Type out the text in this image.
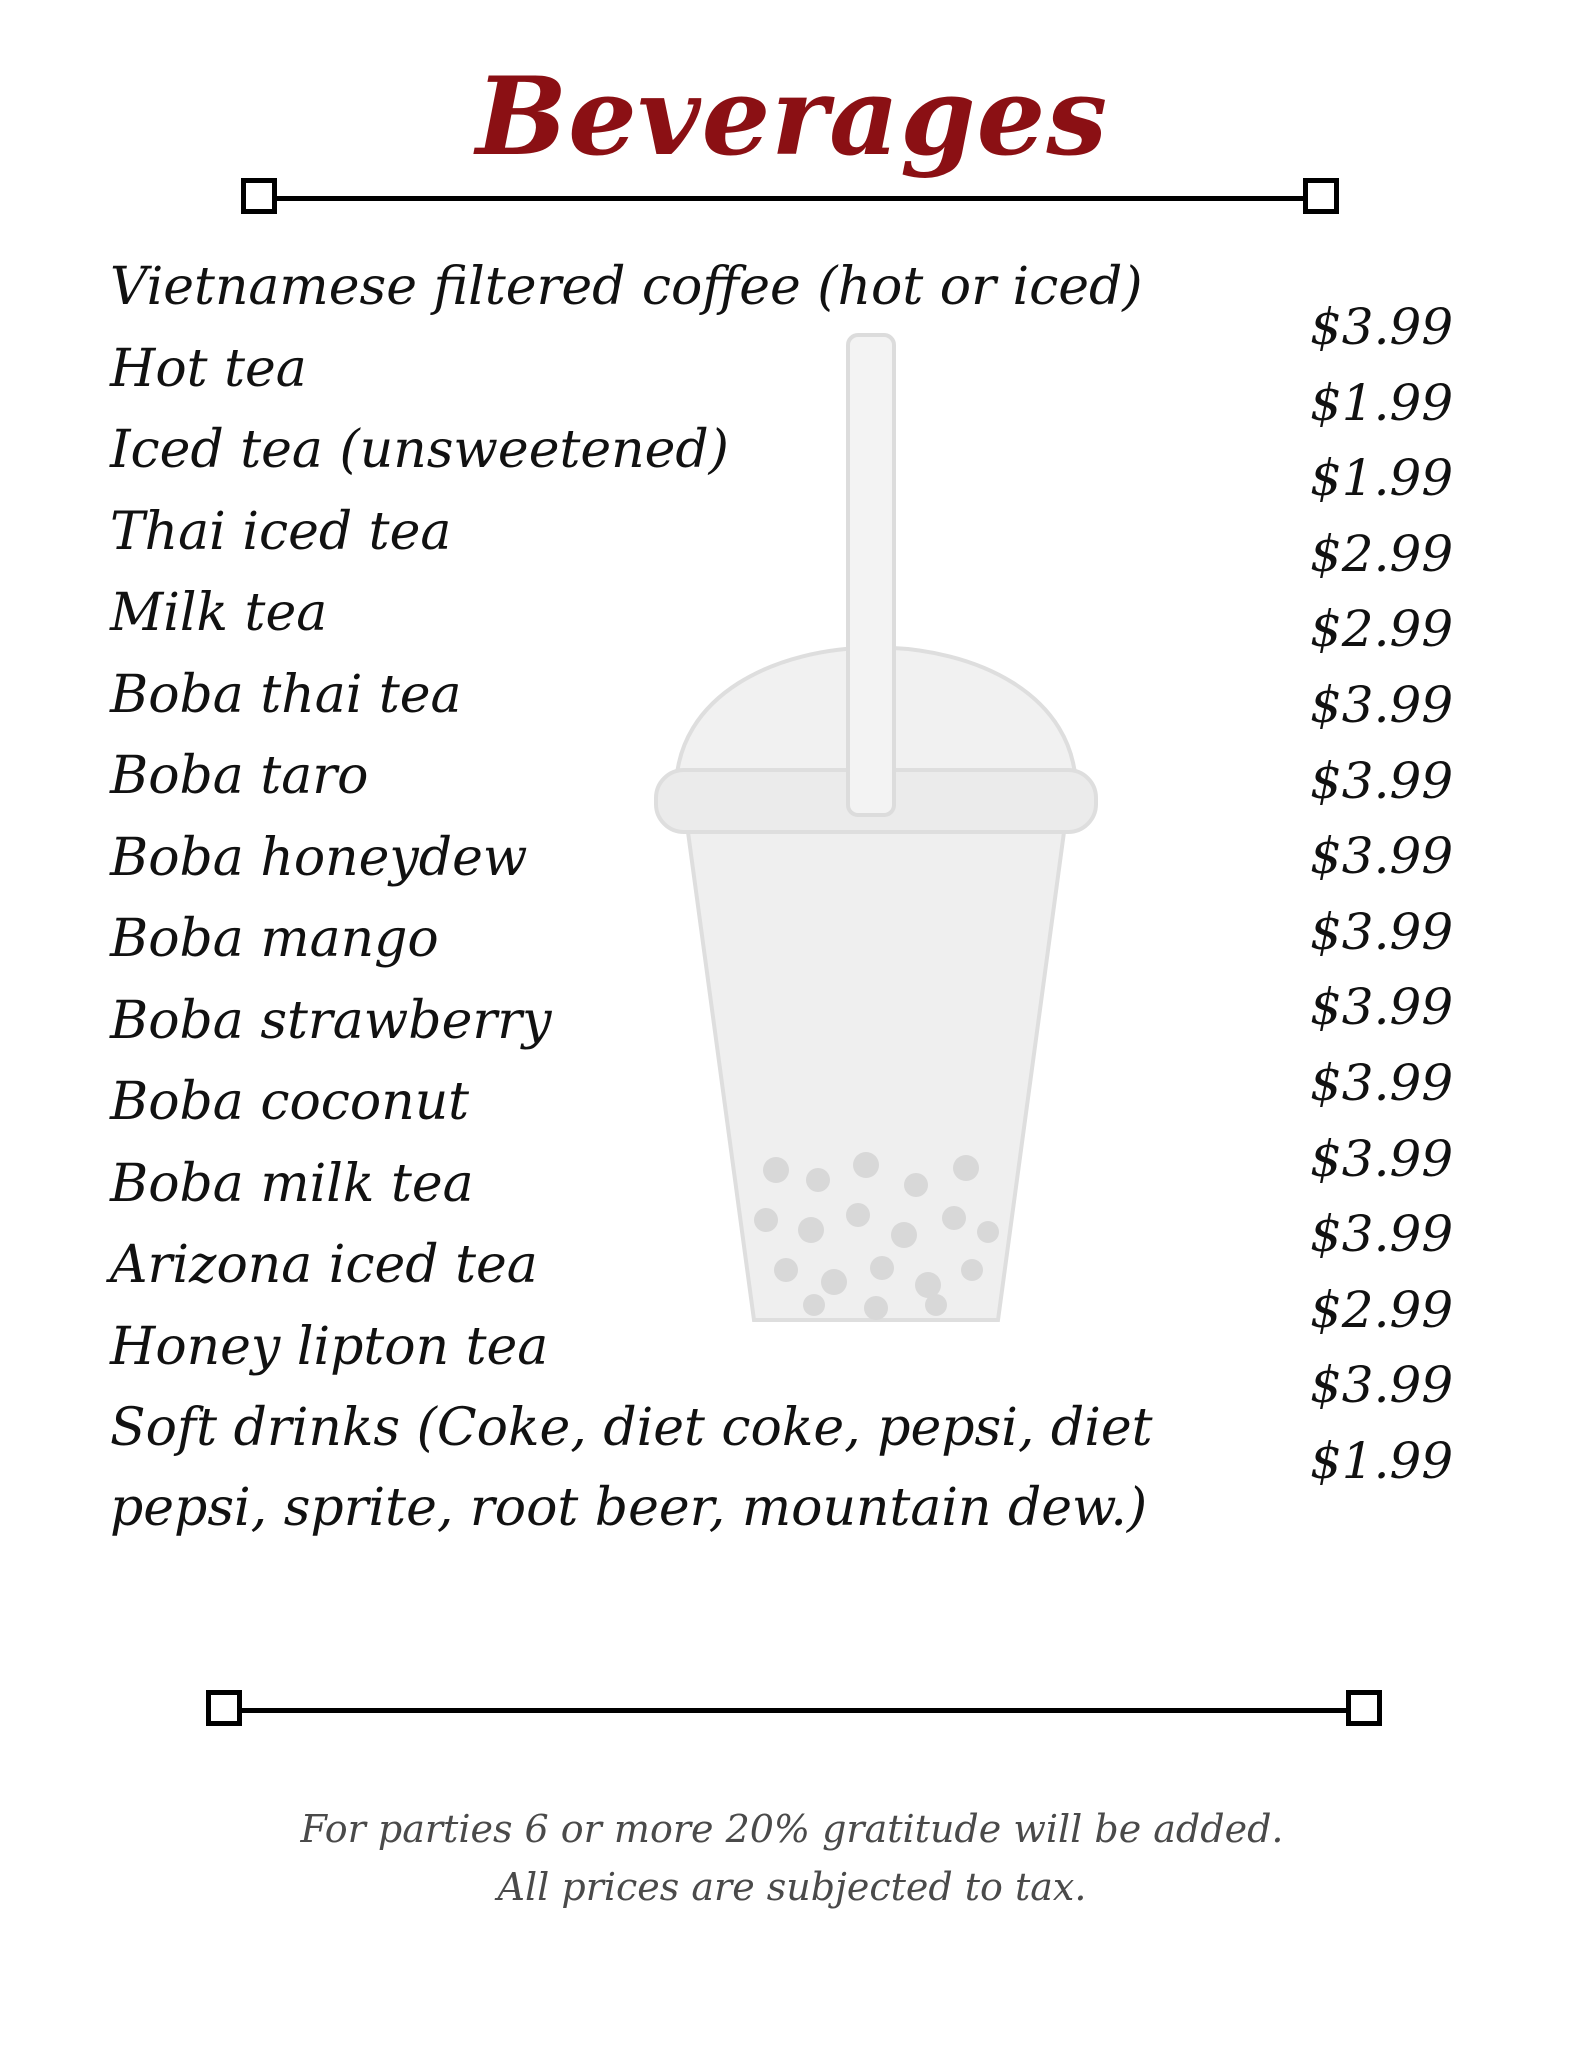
Beverages
Vietnamese filtered coffee (hot or iced)
Hot tea
Iced tea (unsweetened)
Thai iced tea
Milk tea
Boba thai tea
Boba taro
Boba honeydew
Boba mango
Boba strawberry
Boba coconut
Boba milk tea
Arizona iced tea
Honey lipton tea
Soft drinks (Coke, diet coke, pepsi, diet pepsi, sprite, root beer, mountain dew.)
$3.99
$1.99
$1.99
$2.99
$2.99
$3.99
$3.99
$3.99
$3.99
$3.99
$3.99
$3.99
$3.99
$2.99
$3.99
$1.99
For parties 6 or more 20% gratitude will be added.
All prices are subjected to tax.
